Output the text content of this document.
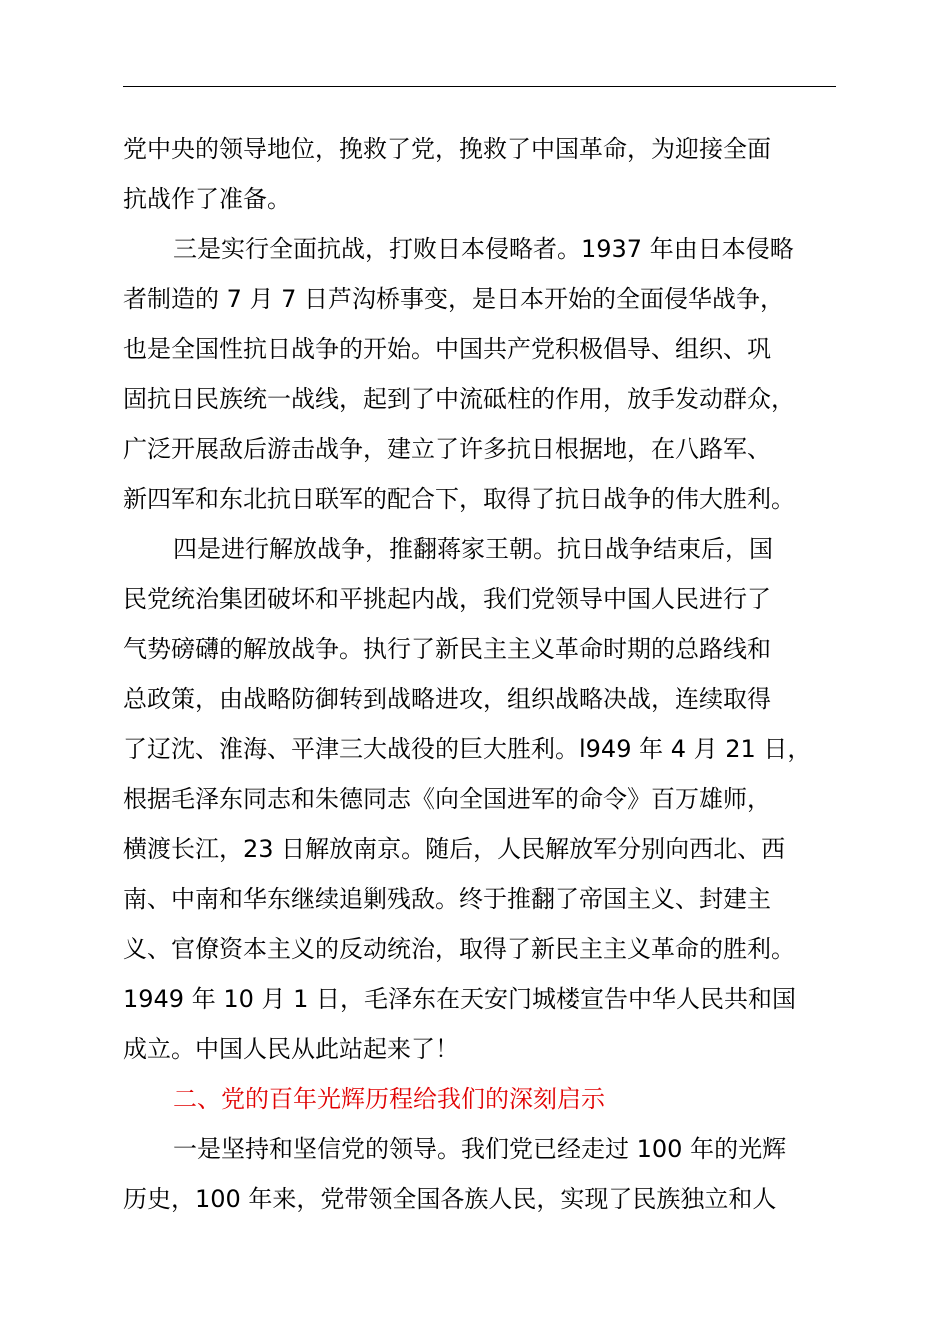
党中央的领导地位，挽救了党，挽救了中国革命，为迎接全面
抗战作了准备。
三是实行全面抗战，打败日本侵略者。1937 年由日本侵略
者制造的 7 月 7 日芦沟桥事变，是日本开始的全面侵华战争，
也是全国性抗日战争的开始。中国共产党积极倡导、组织、巩
固抗日民族统一战线，起到了中流砥柱的作用，放手发动群众，
广泛开展敌后游击战争，建立了许多抗日根据地，在八路军、
新四军和东北抗日联军的配合下，取得了抗日战争的伟大胜利。
四是进行解放战争，推翻蒋家王朝。抗日战争结束后，国
民党统治集团破坏和平挑起内战，我们党领导中国人民进行了
气势磅礴的解放战争。执行了新民主主义革命时期的总路线和
总政策，由战略防御转到战略进攻，组织战略决战，连续取得
了辽沈、淮海、平津三大战役的巨大胜利。l949 年 4 月 21 日，
根据毛泽东同志和朱德同志《向全国进军的命令》百万雄师，
横渡长江，23 日解放南京。随后，人民解放军分别向西北、西
南、中南和华东继续追剿残敌。终于推翻了帝国主义、封建主
义、官僚资本主义的反动统治，取得了新民主主义革命的胜利。
1949 年 10 月 1 日，毛泽东在天安门城楼宣告中华人民共和国
成立。中国人民从此站起来了！
二、党的百年光辉历程给我们的深刻启示
一是坚持和坚信党的领导。我们党已经走过 100 年的光辉
历史，100 年来，党带领全国各族人民，实现了民族独立和人
